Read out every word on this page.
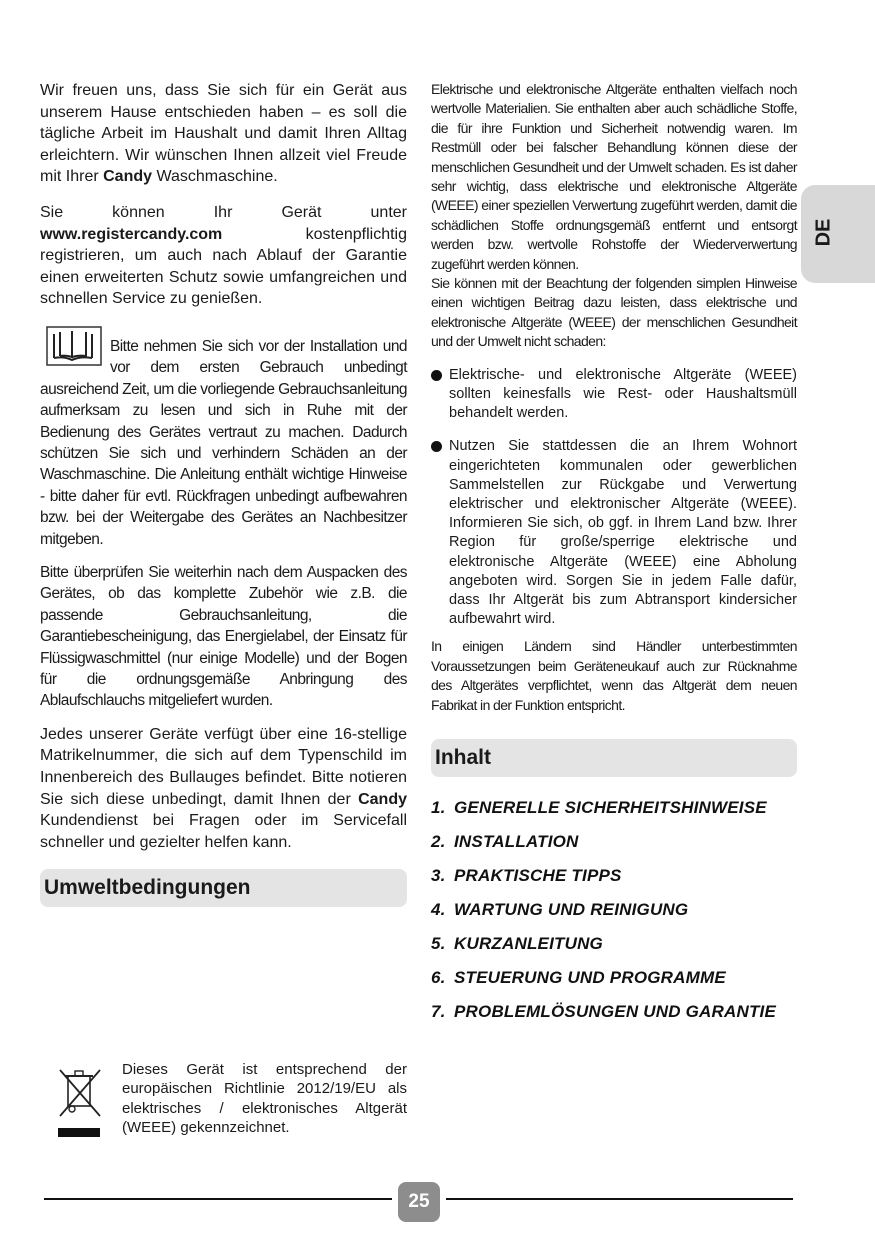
Wir freuen uns, dass Sie sich für ein Gerät aus unserem Hause entschieden haben – es soll die tägliche Arbeit im Haushalt und damit Ihren Alltag erleichtern. Wir wünschen Ihnen allzeit viel Freude mit Ihrer Candy Waschmaschine.

Sie können Ihr Gerät unter www.registercandy.com kostenpflichtig registrieren, um auch nach Ablauf der Garantie einen erweiterten Schutz sowie umfangreichen und schnellen Service zu genießen.

Bitte nehmen Sie sich vor der Installation und vor dem ersten Gebrauch unbedingt ausreichend Zeit, um die vorliegende Gebrauchsanleitung aufmerksam zu lesen und sich in Ruhe mit der Bedienung des Gerätes vertraut zu machen. Dadurch schützen Sie sich und verhindern Schäden an der Waschmaschine. Die Anleitung enthält wichtige Hinweise - bitte daher für evtl. Rückfragen unbedingt aufbewahren bzw. bei der Weitergabe des Gerätes an Nachbesitzer mitgeben.

Bitte überprüfen Sie weiterhin nach dem Auspacken des Gerätes, ob das komplette Zubehör wie z.B. die passende Gebrauchsanleitung, die Garantiebescheinigung, das Energielabel, der Einsatz für Flüssigwaschmittel (nur einige Modelle) und der Bogen für die ordnungsgemäße Anbringung des Ablaufschlauchs mitgeliefert wurden.

Jedes unserer Geräte verfügt über eine 16-stellige Matrikelnummer, die sich auf dem Typenschild im Innenbereich des Bullauges befindet. Bitte notieren Sie sich diese unbedingt, damit Ihnen der Candy Kundendienst bei Fragen oder im Servicefall schneller und gezielter helfen kann.

Umweltbedingungen

Dieses Gerät ist entsprechend der europäischen Richtlinie 2012/19/EU als elektrisches / elektronisches Altgerät (WEEE) gekennzeichnet.

Elektrische und elektronische Altgeräte enthalten vielfach noch wertvolle Materialien. Sie enthalten aber auch schädliche Stoffe, die für ihre Funktion und Sicherheit notwendig waren. Im Restmüll oder bei falscher Behandlung können diese der menschlichen Gesundheit und der Umwelt schaden. Es ist daher sehr wichtig, dass elektrische und elektronische Altgeräte (WEEE) einer speziellen Verwertung zugeführt werden, damit die schädlichen Stoffe ordnungsgemäß entfernt und entsorgt werden bzw. wertvolle Rohstoffe der Wiederverwertung zugeführt werden können.

Sie können mit der Beachtung der folgenden simplen Hinweise einen wichtigen Beitrag dazu leisten, dass elektrische und elektronische Altgeräte (WEEE) der menschlichen Gesundheit und der Umwelt nicht schaden:

Elektrische- und elektronische Altgeräte (WEEE) sollten keinesfalls wie Rest- oder Haushaltsmüll behandelt werden.
Nutzen Sie stattdessen die an Ihrem Wohnort eingerichteten kommunalen oder gewerblichen Sammelstellen zur Rückgabe und Verwertung elektrischer und elektronischer Altgeräte (WEEE). Informieren Sie sich, ob ggf. in Ihrem Land bzw. Ihrer Region für große/sperrige elektrische und elektronische Altgeräte (WEEE) eine Abholung angeboten wird. Sorgen Sie in jedem Falle dafür, dass Ihr Altgerät bis zum Abtransport kindersicher aufbewahrt wird.

In einigen Ländern sind Händler unterbestimmten Voraussetzungen beim Geräteneukauf auch zur Rücknahme des Altgerätes verpflichtet, wenn das Altgerät dem neuen Fabrikat in der Funktion entspricht.

Inhalt
1. GENERELLE SICHERHEITSHINWEISE
2. INSTALLATION
3. PRAKTISCHE TIPPS
4. WARTUNG UND REINIGUNG
5. KURZANLEITUNG
6. STEUERUNG UND PROGRAMME
7. PROBLEMLÖSUNGEN UND GARANTIE
DE
25
